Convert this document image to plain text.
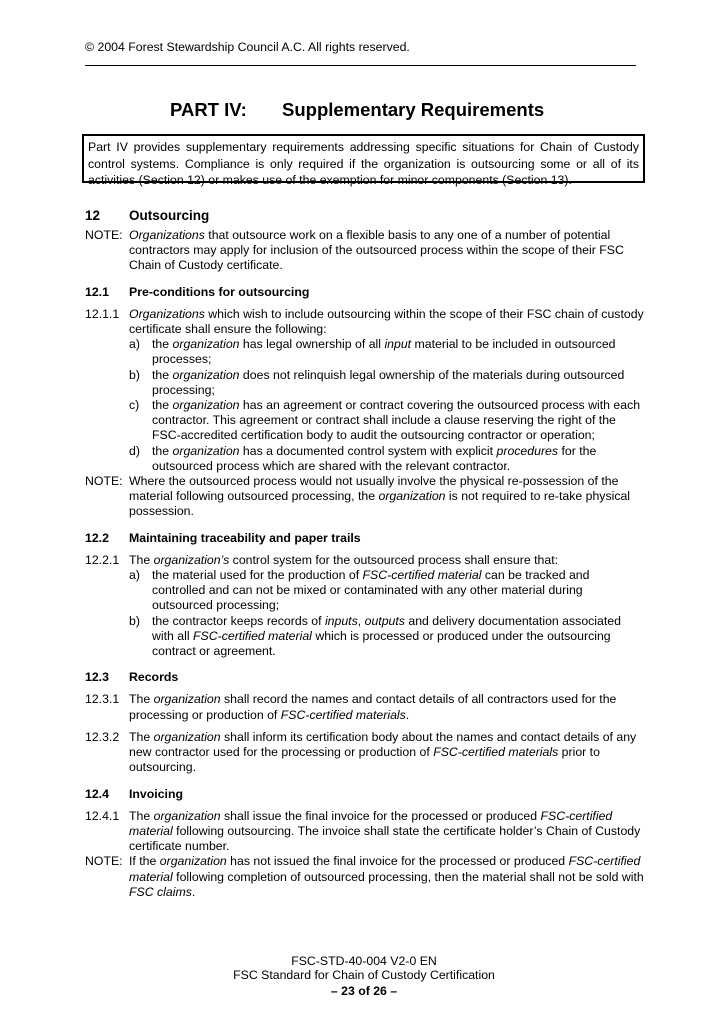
© 2004 Forest Stewardship Council A.C. All rights reserved.
PART IV: Supplementary Requirements
Part IV provides supplementary requirements addressing specific situations for Chain of Custody control systems. Compliance is only required if the organization is outsourcing some or all of its activities (Section 12) or makes use of the exemption for minor components (Section 13).
12 Outsourcing
NOTE: Organizations that outsource work on a flexible basis to any one of a number of potential contractors may apply for inclusion of the outsourced process within the scope of their FSC Chain of Custody certificate.
12.1 Pre-conditions for outsourcing
12.1.1 Organizations which wish to include outsourcing within the scope of their FSC chain of custody certificate shall ensure the following:
a) the organization has legal ownership of all input material to be included in outsourced processes;
b) the organization does not relinquish legal ownership of the materials during outsourced processing;
c) the organization has an agreement or contract covering the outsourced process with each contractor. This agreement or contract shall include a clause reserving the right of the FSC-accredited certification body to audit the outsourcing contractor or operation;
d) the organization has a documented control system with explicit procedures for the outsourced process which are shared with the relevant contractor.
NOTE: Where the outsourced process would not usually involve the physical re-possession of the material following outsourced processing, the organization is not required to re-take physical possession.
12.2 Maintaining traceability and paper trails
12.2.1 The organization’s control system for the outsourced process shall ensure that:
a) the material used for the production of FSC-certified material can be tracked and controlled and can not be mixed or contaminated with any other material during outsourced processing;
b) the contractor keeps records of inputs, outputs and delivery documentation associated with all FSC-certified material which is processed or produced under the outsourcing contract or agreement.
12.3 Records
12.3.1 The organization shall record the names and contact details of all contractors used for the processing or production of FSC-certified materials.
12.3.2 The organization shall inform its certification body about the names and contact details of any new contractor used for the processing or production of FSC-certified materials prior to outsourcing.
12.4 Invoicing
12.4.1 The organization shall issue the final invoice for the processed or produced FSC-certified material following outsourcing. The invoice shall state the certificate holder’s Chain of Custody certificate number.
NOTE: If the organization has not issued the final invoice for the processed or produced FSC-certified material following completion of outsourced processing, then the material shall not be sold with FSC claims.
FSC-STD-40-004 V2-0 EN
FSC Standard for Chain of Custody Certification
– 23 of 26 –
